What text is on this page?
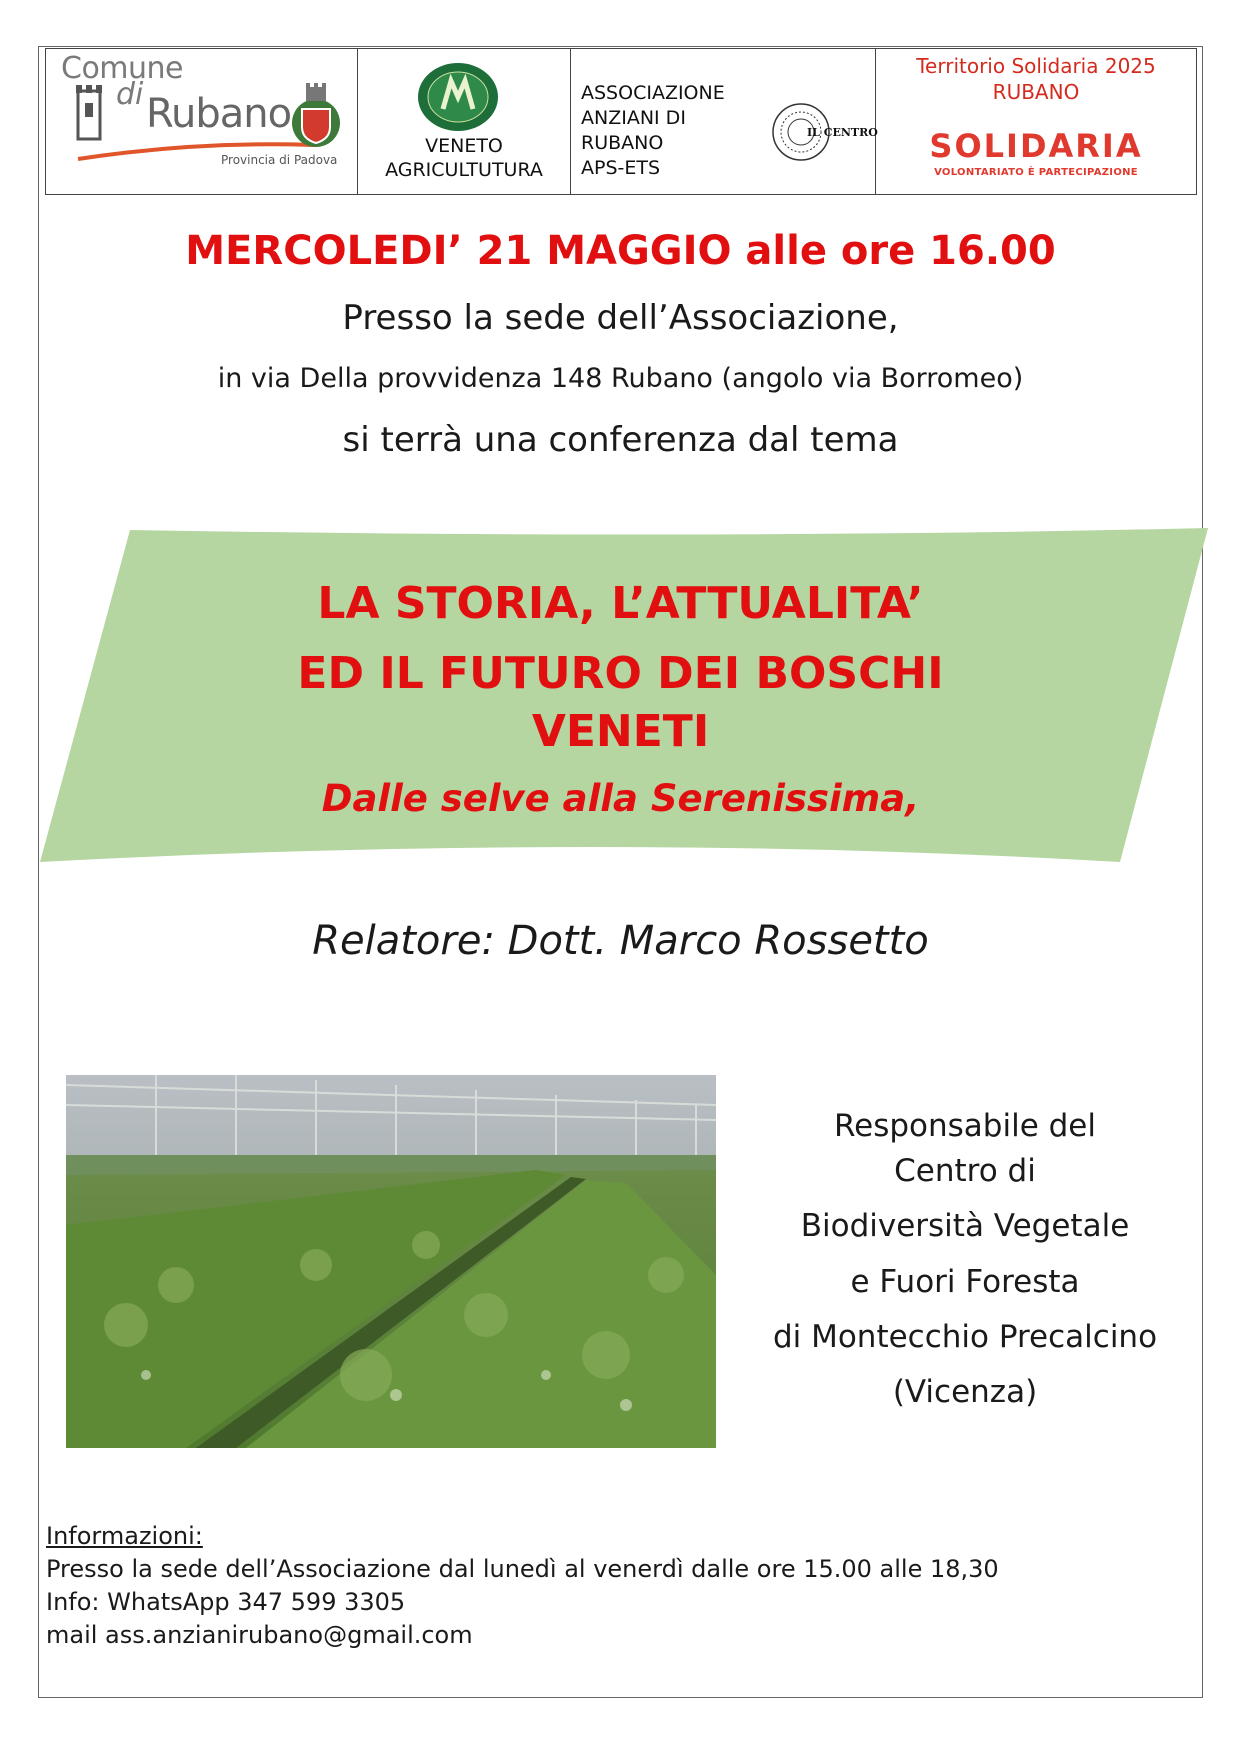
Comune
di Rubano
Provincia di Padova
VENETO
AGRICULTUTURA
ASSOCIAZIONE
ANZIANI DI
RUBANO
APS-ETS
IL CENTRO
Territorio Solidaria 2025
RUBANO
SOLIDARIA
VOLONTARIATO È PARTECIPAZIONE
MERCOLEDI’ 21 MAGGIO alle ore 16.00
Presso la sede dell’Associazione,
in via Della provvidenza 148 Rubano (angolo via Borromeo)
si terrà una conferenza dal tema
LA STORIA, L’ATTUALITA’
ED IL FUTURO DEI BOSCHI
VENETI
Dalle selve alla Serenissima,
Relatore: Dott. Marco Rossetto
Responsabile del
Centro di
Biodiversità Vegetale
e Fuori Foresta
di Montecchio Precalcino
(Vicenza)
Informazioni:
Presso la sede dell’Associazione dal lunedì al venerdì dalle ore 15.00 alle 18,30
Info: WhatsApp 347 599 3305
mail ass.anzianirubano@gmail.com
